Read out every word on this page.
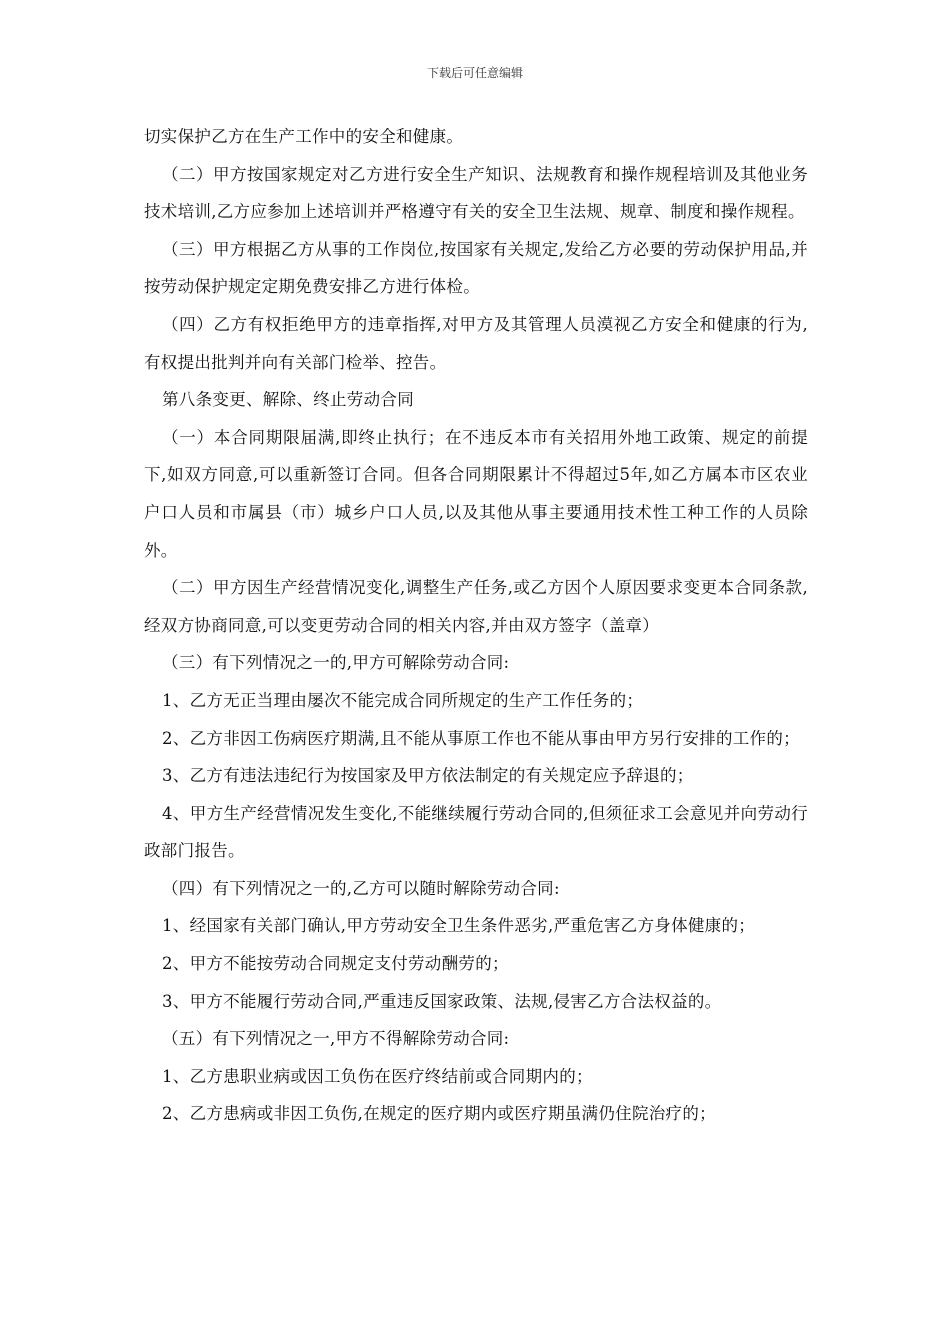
下载后可任意编辑

切实保护乙方在生产工作中的安全和健康。

（二）甲方按国家规定对乙方进行安全生产知识、法规教育和操作规程培训及其他业务技术培训,乙方应参加上述培训并严格遵守有关的安全卫生法规、规章、制度和操作规程。

（三）甲方根据乙方从事的工作岗位,按国家有关规定,发给乙方必要的劳动保护用品,并按劳动保护规定定期免费安排乙方进行体检。

（四）乙方有权拒绝甲方的违章指挥,对甲方及其管理人员漠视乙方安全和健康的行为,有权提出批判并向有关部门检举、控告。

第八条变更、解除、终止劳动合同

（一）本合同期限届满,即终止执行；在不违反本市有关招用外地工政策、规定的前提下,如双方同意,可以重新签订合同。但各合同期限累计不得超过5年,如乙方属本市区农业户口人员和市属县（市）城乡户口人员,以及其他从事主要通用技术性工种工作的人员除外。

（二）甲方因生产经营情况变化,调整生产任务,或乙方因个人原因要求变更本合同条款,经双方协商同意,可以变更劳动合同的相关内容,并由双方签字（盖章）

（三）有下列情况之一的,甲方可解除劳动合同:

1、乙方无正当理由屡次不能完成合同所规定的生产工作任务的；

2、乙方非因工伤病医疗期满,且不能从事原工作也不能从事由甲方另行安排的工作的；

3、乙方有违法违纪行为按国家及甲方依法制定的有关规定应予辞退的；

4、甲方生产经营情况发生变化,不能继续履行劳动合同的,但须征求工会意见并向劳动行政部门报告。

（四）有下列情况之一的,乙方可以随时解除劳动合同:

1、经国家有关部门确认,甲方劳动安全卫生条件恶劣,严重危害乙方身体健康的；

2、甲方不能按劳动合同规定支付劳动酬劳的；

3、甲方不能履行劳动合同,严重违反国家政策、法规,侵害乙方合法权益的。

（五）有下列情况之一,甲方不得解除劳动合同:

1、乙方患职业病或因工负伤在医疗终结前或合同期内的；

2、乙方患病或非因工负伤,在规定的医疗期内或医疗期虽满仍住院治疗的；
